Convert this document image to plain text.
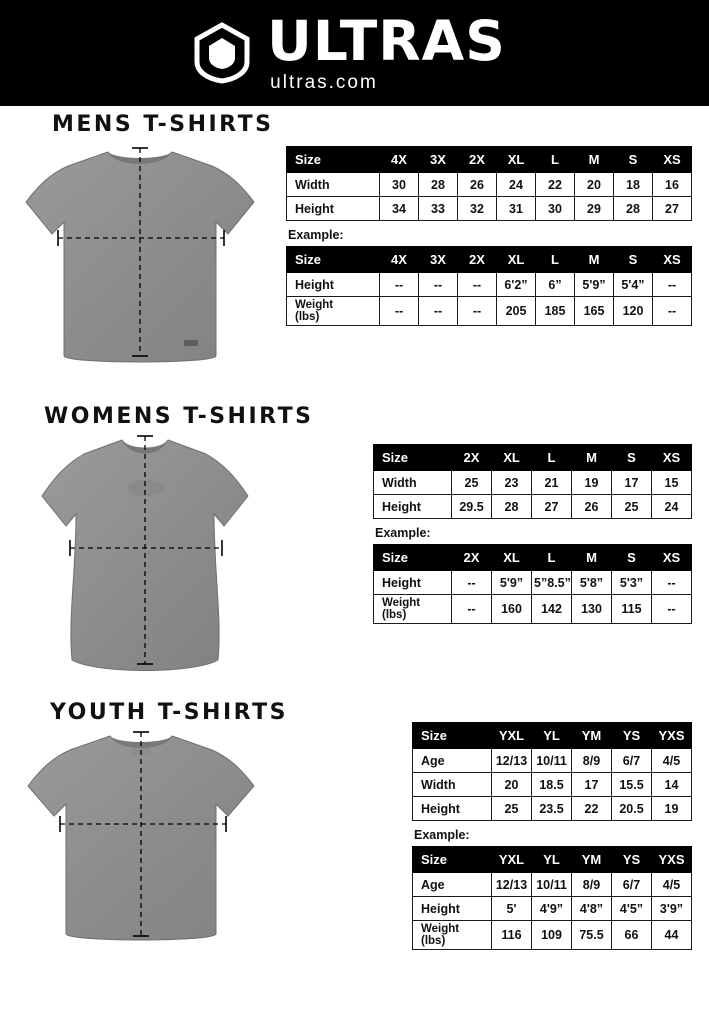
ULTRAS
ultras.com
MENS T-SHIRTS
Size	4X	3X	2X	XL	L	M	S	XS
Width	30	28	26	24	22	20	18	16
Height	34	33	32	31	30	29	28	27
Example:
Size	4X	3X	2X	XL	L	M	S	XS
Height	--	--	--	6'2”	6”	5'9”	5'4”	--

Weight
(lbs)	--	--	--	205	185	165	120	--
WOMENS T-SHIRTS
Size	2X	XL	L	M	S	XS
Width	25	23	21	19	17	15
Height	29.5	28	27	26	25	24
Example:
Size	2X	XL	L	M	S	XS
Height	--	5'9”	5”8.5”	5'8”	5'3”	--

Weight
(lbs)	--	160	142	130	115	--
YOUTH T-SHIRTS
Size	YXL	YL	YM	YS	YXS
Age	12/13	10/11	8/9	6/7	4/5
Width	20	18.5	17	15.5	14
Height	25	23.5	22	20.5	19
Example:
Size	YXL	YL	YM	YS	YXS
Age	12/13	10/11	8/9	6/7	4/5
Height	5'	4'9”	4'8”	4'5”	3'9”

Weight
(lbs)	116	109	75.5	66	44
